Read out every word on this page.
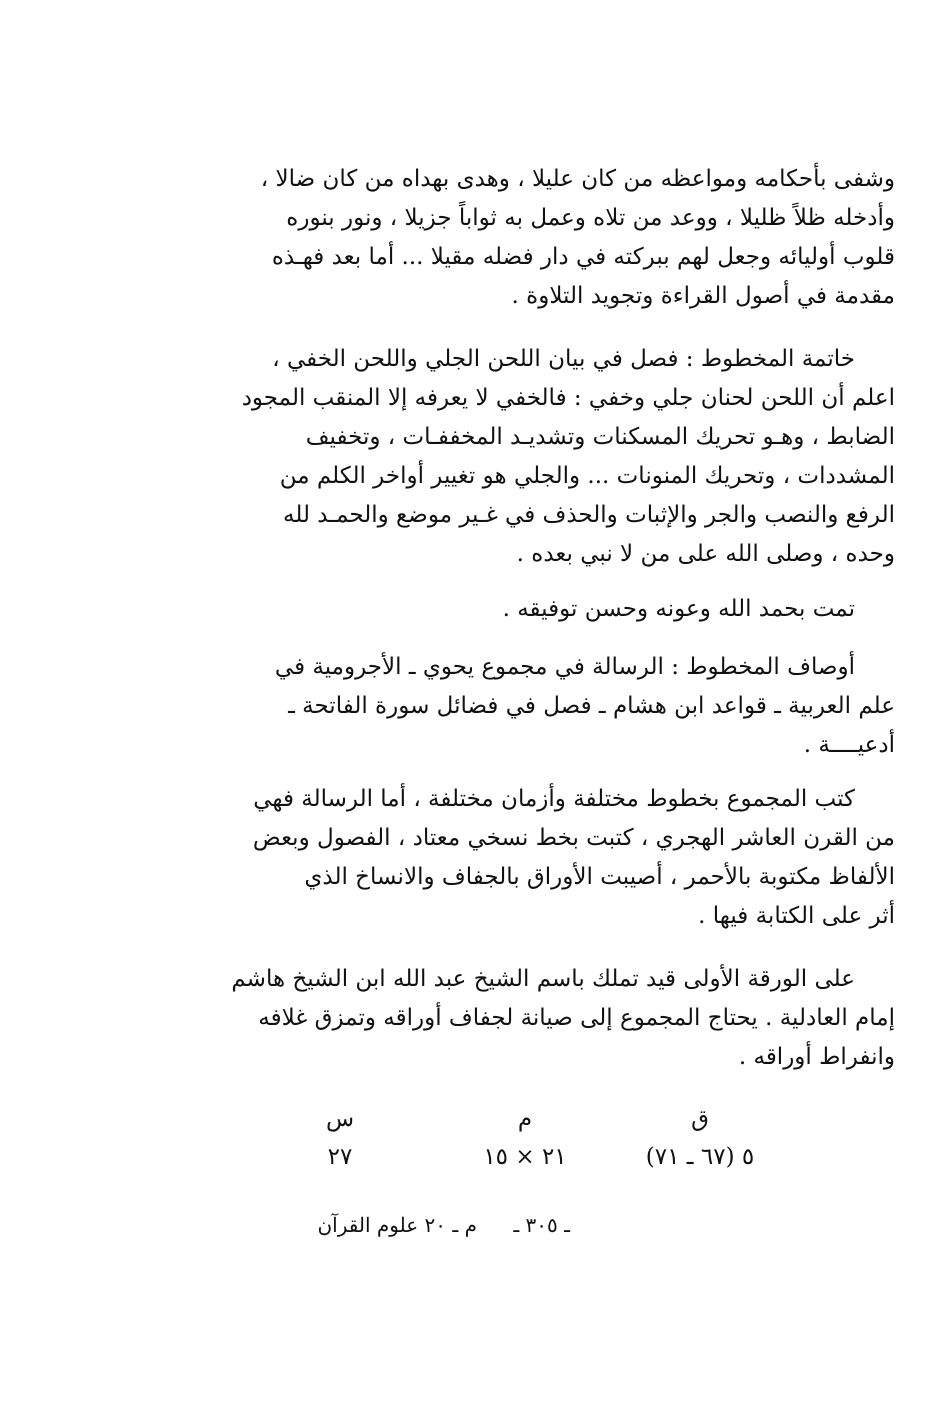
وشفى بأحكامه ومواعظه من كان عليلا ، وهدى بهداه من كان ضالا ،
وأدخله ظلاً ظليلا ، ووعد من تلاه وعمل به ثواباً جزيلا ، ونور بنوره
قلوب أوليائه وجعل لهم ببركته في دار فضله مقيلا ... أما بعد فهـذه
مقدمة في أصول القراءة وتجويد التلاوة .
خاتمة المخطوط : فصل في بيان اللحن الجلي واللحن الخفي ،
اعلم أن اللحن لحنان جلي وخفي : فالخفي لا يعرفه إلا المنقب المجود
الضابط ، وهـو تحريك المسكنات وتشديـد المخففـات ، وتخفيف
المشددات ، وتحريك المنونات ... والجلي هو تغيير أواخر الكلم من
الرفع والنصب والجر والإثبات والحذف في غـير موضع والحمـد لله
وحده ، وصلى الله على من لا نبي بعده .
تمت بحمد الله وعونه وحسن توفيقه .
أوصاف المخطوط : الرسالة في مجموع يحوي ـ الأجرومية في
علم العربية ـ قواعد ابن هشام ـ فصل في فضائل سورة الفاتحة ـ
أدعيــــة .
كتب المجموع بخطوط مختلفة وأزمان مختلفة ، أما الرسالة فهي
من القرن العاشر الهجري ، كتبت بخط نسخي معتاد ، الفصول وبعض
الألفاظ مكتوبة بالأحمر ، أصيبت الأوراق بالجفاف والانساخ الذي
أثر على الكتابة فيها .
على الورقة الأولى قيد تملك باسم الشيخ عبد الله ابن الشيخ هاشم
إمام العادلية . يحتاج المجموع إلى صيانة لجفاف أوراقه وتمزق غلافه
وانفراط أوراقه .
ق
٥ (٦٧ ـ ٧١)
م
٢١ × ١٥
س
٢٧
ـ ٣٠٥ ـ م ـ ٢٠ علوم القرآن
